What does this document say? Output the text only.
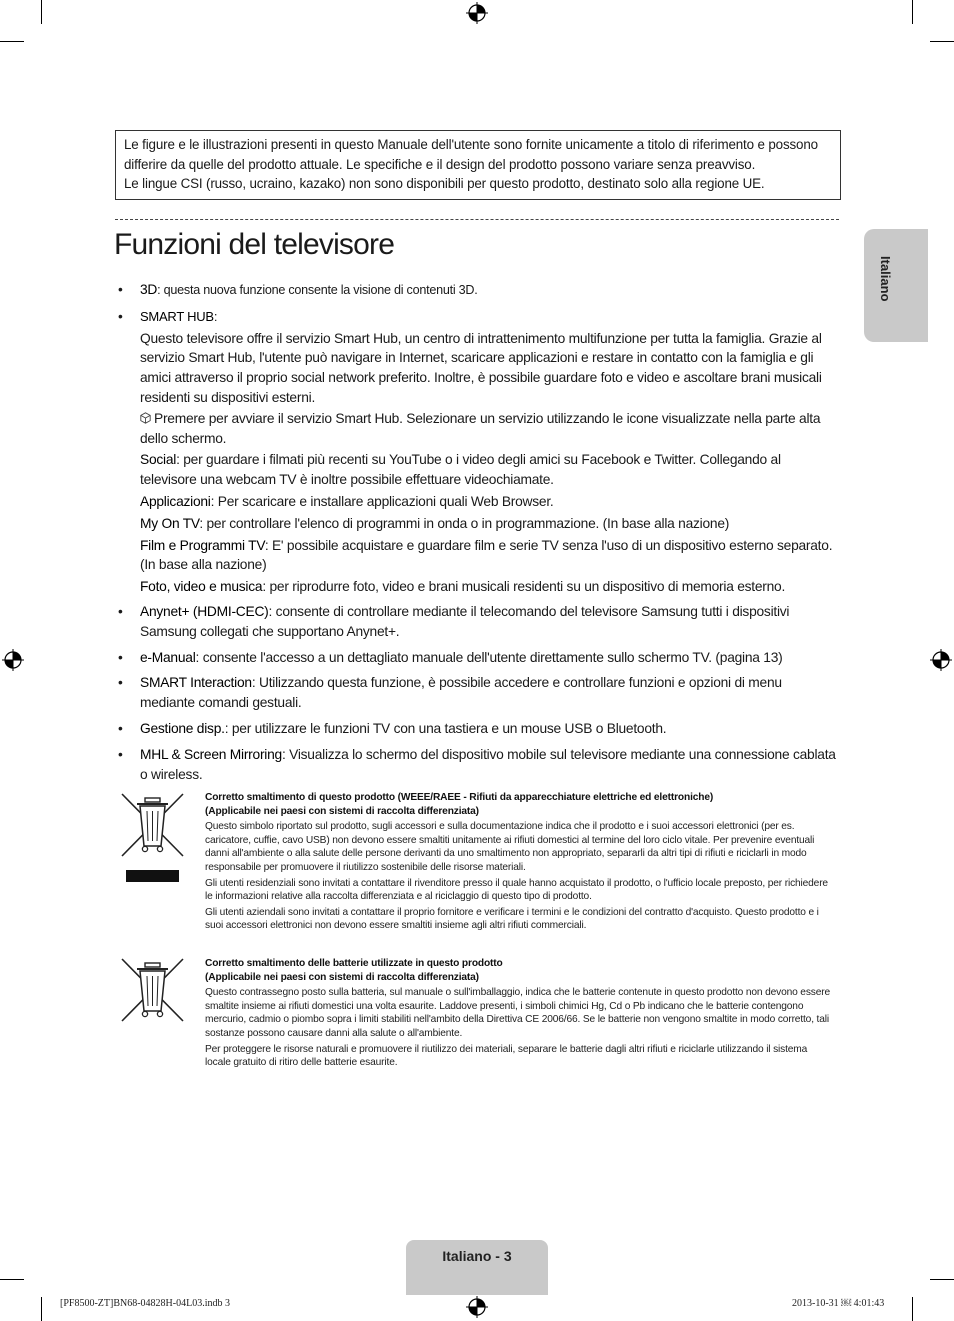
Le figure e le illustrazioni presenti in questo Manuale dell'utente sono fornite unicamente a titolo di riferimento e possono differire da quelle del prodotto attuale. Le specifiche e il design del prodotto possono variare senza preavviso.

Le lingue CSI (russo, ucraino, kazako) non sono disponibili per questo prodotto, destinato solo alla regione UE.

Funzioni del televisore
Italiano
• 3D: questa nuova funzione consente la visione di contenuti 3D.
• SMART HUB:
Questo televisore offre il servizio Smart Hub, un centro di intrattenimento multifunzione per tutta la famiglia. Grazie al servizio Smart Hub, l'utente può navigare in Internet, scaricare applicazioni e restare in contatto con la famiglia e gli amici attraverso il proprio social network preferito. Inoltre, è possibile guardare foto e video e ascoltare brani musicali residenti su dispositivi esterni.
Premere per avviare il servizio Smart Hub. Selezionare un servizio utilizzando le icone visualizzate nella parte alta dello schermo.
Social: per guardare i filmati più recenti su YouTube o i video degli amici su Facebook e Twitter. Collegando al televisore una webcam TV è inoltre possibile effettuare videochiamate.
Applicazioni: Per scaricare e installare applicazioni quali Web Browser.
My On TV: per controllare l'elenco di programmi in onda o in programmazione. (In base alla nazione)
Film e Programmi TV: E' possibile acquistare e guardare film e serie TV senza l'uso di un dispositivo esterno separato. (In base alla nazione)
Foto, video e musica: per riprodurre foto, video e brani musicali residenti su un dispositivo di memoria esterno.
• Anynet+ (HDMI-CEC): consente di controllare mediante il telecomando del televisore Samsung tutti i dispositivi Samsung collegati che supportano Anynet+.
• e-Manual: consente l'accesso a un dettagliato manuale dell'utente direttamente sullo schermo TV. (pagina 13)
• SMART Interaction: Utilizzando questa funzione, è possibile accedere e controllare funzioni e opzioni di menu mediante comandi gestuali.
• Gestione disp.: per utilizzare le funzioni TV con una tastiera e un mouse USB o Bluetooth.
• MHL & Screen Mirroring: Visualizza lo schermo del dispositivo mobile sul televisore mediante una connessione cablata o wireless.

Corretto smaltimento di questo prodotto (WEEE/RAEE - Rifiuti da apparecchiature elettriche ed elettroniche)

(Applicabile nei paesi con sistemi di raccolta differenziata)

Questo simbolo riportato sul prodotto, sugli accessori e sulla documentazione indica che il prodotto e i suoi accessori elettronici (per es. caricatore, cuffie, cavo USB) non devono essere smaltiti unitamente ai rifiuti domestici al termine del loro ciclo vitale. Per prevenire eventuali danni all'ambiente o alla salute delle persone derivanti da uno smaltimento non appropriato, separarli da altri tipi di rifiuti e riciclarli in modo responsabile per promuovere il riutilizzo sostenibile delle risorse materiali.

Gli utenti residenziali sono invitati a contattare il rivenditore presso il quale hanno acquistato il prodotto, o l'ufficio locale preposto, per richiedere le informazioni relative alla raccolta differenziata e al riciclaggio di questo tipo di prodotto.

Gli utenti aziendali sono invitati a contattare il proprio fornitore e verificare i termini e le condizioni del contratto d'acquisto. Questo prodotto e i suoi accessori elettronici non devono essere smaltiti insieme agli altri rifiuti commerciali.

Corretto smaltimento delle batterie utilizzate in questo prodotto

(Applicabile nei paesi con sistemi di raccolta differenziata)

Questo contrassegno posto sulla batteria, sul manuale o sull'imballaggio, indica che le batterie contenute in questo prodotto non devono essere smaltite insieme ai rifiuti domestici una volta esaurite. Laddove presenti, i simboli chimici Hg, Cd o Pb indicano che le batterie contengono mercurio, cadmio o piombo sopra i limiti stabiliti nell'ambito della Direttiva CE 2006/66. Se le batterie non vengono smaltite in modo corretto, tali sostanze possono causare danni alla salute o all'ambiente.

Per proteggere le risorse naturali e promuovere il riutilizzo dei materiali, separare le batterie dagli altri rifiuti e riciclarle utilizzando il sistema locale gratuito di ritiro delle batterie esaurite.

Italiano - 3
[PF8500-ZT]BN68-04828H-04L03.indb 3	2013-10-31 ￼ 4:01:43
